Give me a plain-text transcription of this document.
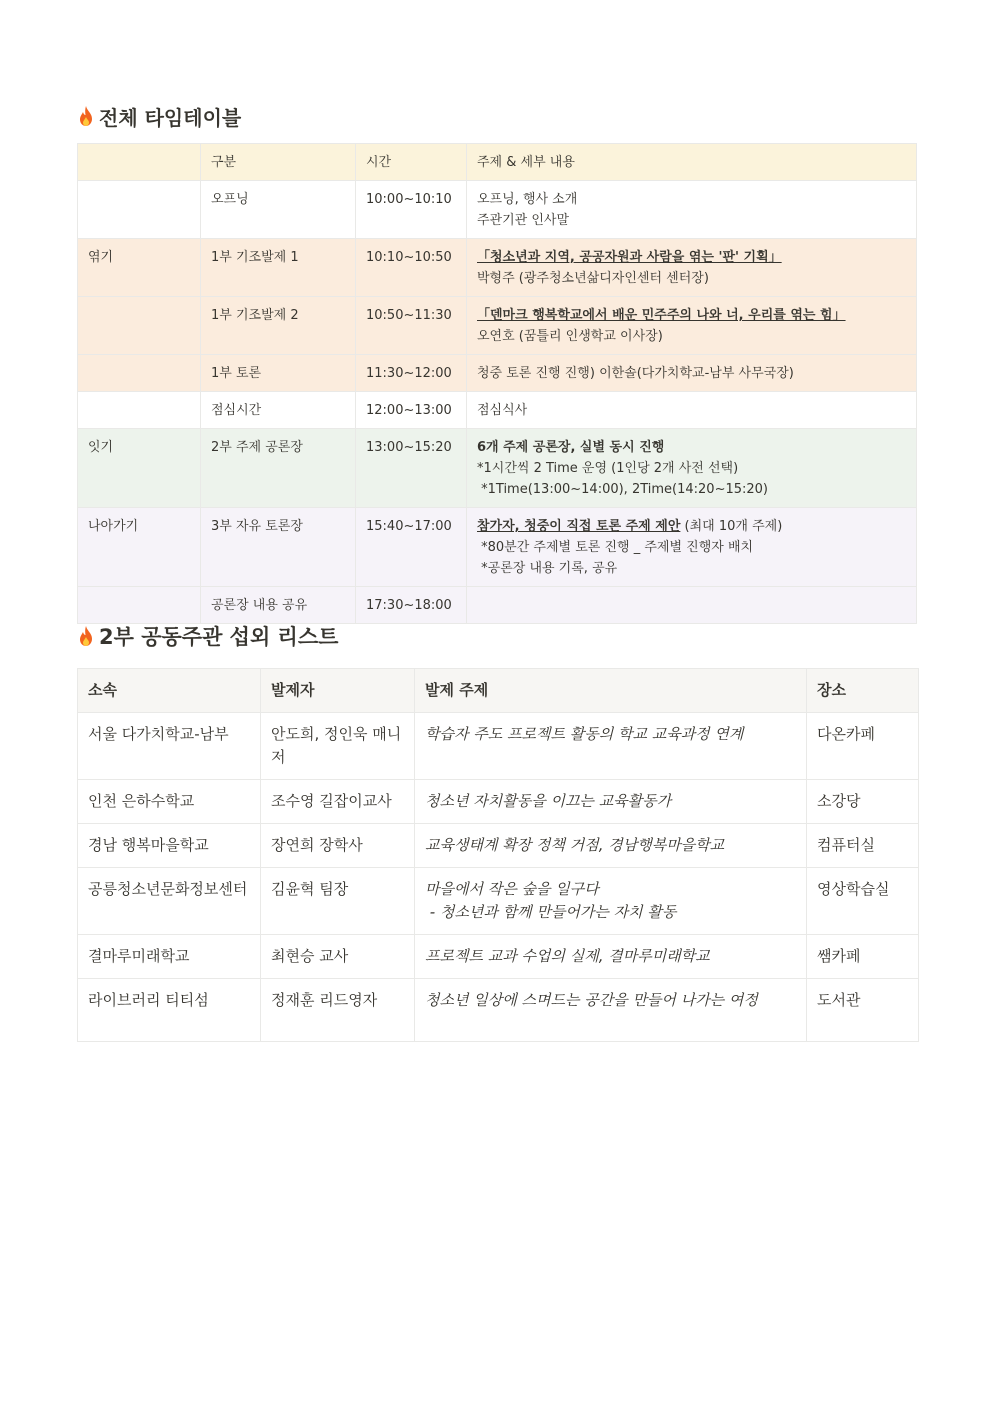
전체 타임테이블
	구분	시간	주제 & 세부 내용
	오프닝	10:00~10:10	오프닝, 행사 소개
주관기관 인사말

엮기	1부 기조발제 1	10:10~10:50	「청소년과 지역, 공공자원과 사람을 엮는 '판' 기획」
박형주 (광주청소년삶디자인센터 센터장)

	1부 기조발제 2	10:50~11:30	「덴마크 행복학교에서 배운 민주주의 나와 너, 우리를 엮는 힘」
오연호 (꿈틀리 인생학교 이사장)

	1부 토론	11:30~12:00	청중 토론 진행 진행) 이한솔(다가치학교-남부 사무국장)

	점심시간	12:00~13:00	점심식사

잇기	2부 주제 공론장	13:00~15:20	6개 주제 공론장, 실별 동시 진행
*1시간씩 2 Time 운영 (1인당 2개 사전 선택)
*1Time(13:00~14:00), 2Time(14:20~15:20)

나아가기	3부 자유 토론장	15:40~17:00	참가자, 청중이 직접 토론 주제 제안 (최대 10개 주제)
*80분간 주제별 토론 진행 _ 주제별 진행자 배치
*공론장 내용 기록, 공유

	공론장 내용 공유	17:30~18:00	
2부 공동주관 섭외 리스트
소속	발제자	발제 주제	장소
서울 다가치학교-남부	안도희, 정인욱 매니저	학습자 주도 프로젝트 활동의 학교 교육과정 연계	다온카페
인천 은하수학교	조수영 길잡이교사	청소년 자치활동을 이끄는 교육활동가	소강당
경남 행복마을학교	장연희 장학사	교육생태계 확장 정책 거점, 경남행복마을학교	컴퓨터실
공릉청소년문화정보센터	김윤혁 팀장	마을에서 작은 숲을 일구다
- 청소년과 함께 만들어가는 자치 활동	영상학습실
결마루미래학교	최현승 교사	프로젝트 교과 수업의 실제, 결마루미래학교	쌤카페
라이브러리 티티섬	정재훈 리드영자	청소년 일상에 스며드는 공간을 만들어 나가는 여정	도서관
